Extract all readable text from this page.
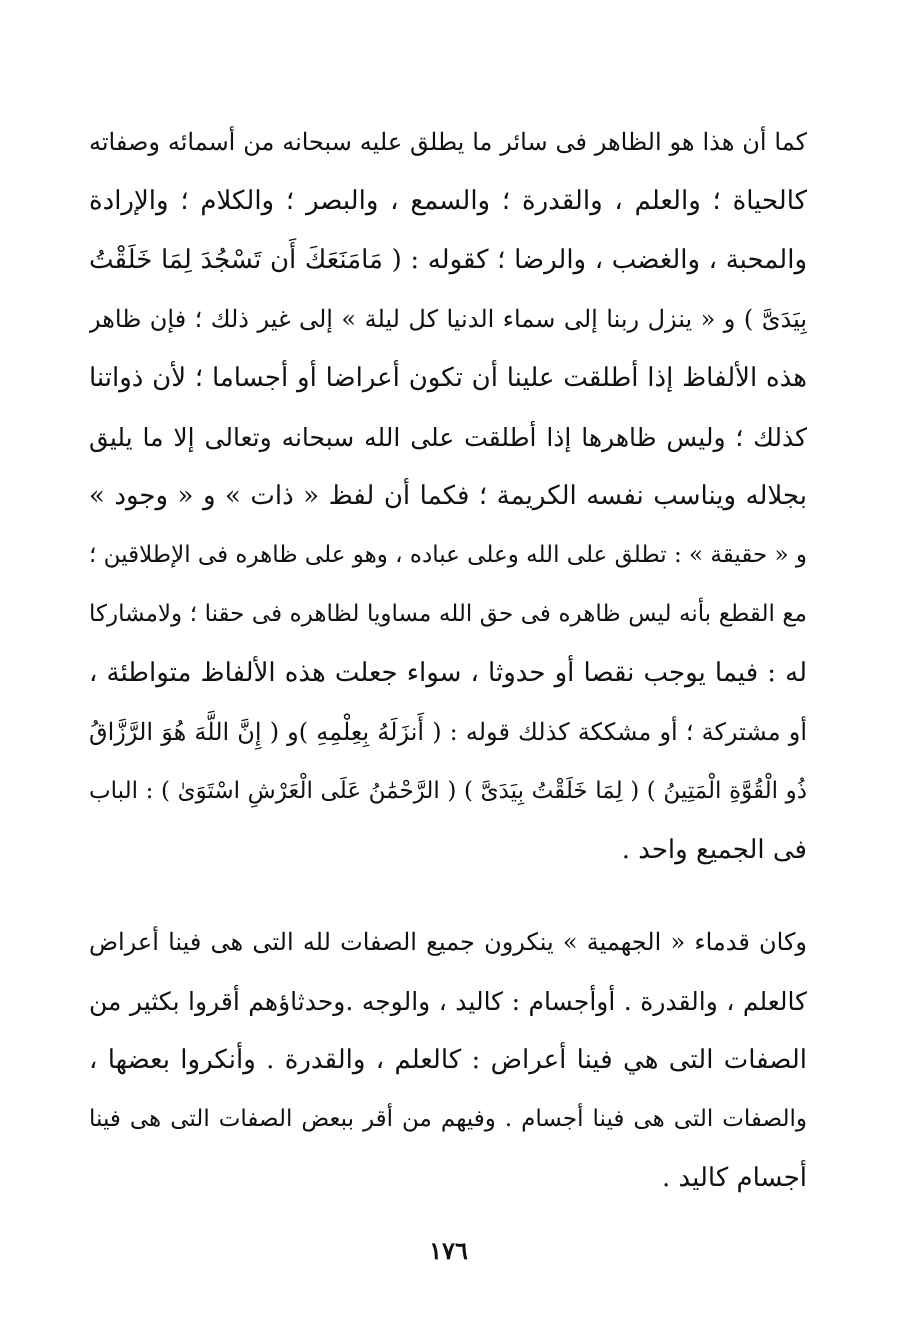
كما أن هذا هو الظاهر فى سائر ما يطلق عليه سبحانه من أسمائه وصفاته
كالحياة ؛ والعلم ، والقدرة ؛ والسمع ، والبصر ؛ والكلام ؛ والإرادة
والمحبة ، والغضب ، والرضا ؛ كقوله : ( مَامَنَعَكَ أَن تَسْجُدَ لِمَا خَلَقْتُ
بِيَدَىَّ ) و « ينزل ربنا إلى سماء الدنيا كل ليلة » إلى غير ذلك ؛ فإن ظاهر
هذه الألفاظ إذا أطلقت علينا أن تكون أعراضا أو أجساما ؛ لأن ذواتنا
كذلك ؛ وليس ظاهرها إذا أطلقت على الله سبحانه وتعالى إلا ما يليق
بجلاله ويناسب نفسه الكريمة ؛ فكما أن لفظ « ذات » و « وجود »
و « حقيقة » : تطلق على الله وعلى عباده ، وهو على ظاهره فى الإطلاقين ؛
مع القطع بأنه ليس ظاهره فى حق الله مساويا لظاهره فى حقنا ؛ ولامشاركا
له : فيما يوجب نقصا أو حدوثا ، سواء جعلت هذه الألفاظ متواطئة ،
أو مشتركة ؛ أو مشككة كذلك قوله : ( أَنزَلَهُ بِعِلْمِهِ )و ( إِنَّ اللَّهَ هُوَ الرَّزَّاقُ
ذُو الْقُوَّةِ الْمَتِينُ ) ( لِمَا خَلَقْتُ بِيَدَىَّ ) ( الرَّحْمَٰنُ عَلَى الْعَرْشِ اسْتَوَىٰ ) : الباب
فى الجميع واحد .
وكان قدماء « الجهمية » ينكرون جميع الصفات لله التى هى فينا أعراض
كالعلم ، والقدرة . أوأجسام : كاليد ، والوجه .وحدثاؤهم أقروا بكثير من
الصفات التى هي فينا أعراض : كالعلم ، والقدرة . وأنكروا بعضها ،
والصفات التى هى فينا أجسام . وفيهم من أقر ببعض الصفات التى هى فينا
أجسام كاليد .
١٧٦
